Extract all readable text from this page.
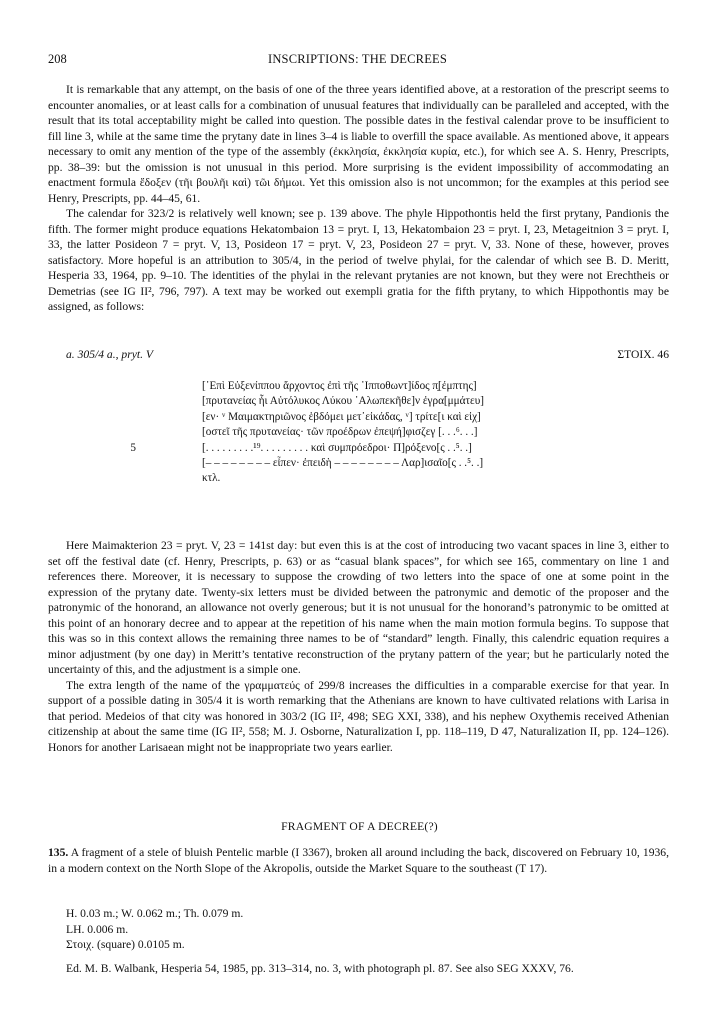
208	INSCRIPTIONS: THE DECREES

It is remarkable that any attempt, on the basis of one of the three years identified above, at a restoration of the prescript seems to encounter anomalies, or at least calls for a combination of unusual features that individually can be paralleled and accepted, with the result that its total acceptability might be called into question. The possible dates in the festival calendar prove to be insufficient to fill line 3, while at the same time the prytany date in lines 3–4 is liable to overfill the space available. As mentioned above, it appears necessary to omit any mention of the type of the assembly (ἐκκλησία, ἐκκλησία κυρία, etc.), for which see A. S. Henry, Prescripts, pp. 38–39: but the omission is not unusual in this period. More surprising is the evident impossibility of accommodating an enactment formula ἔδοξεν (τῆι βουλῆι καὶ) τῶι δήμωι. Yet this omission also is not uncommon; for the examples at this period see Henry, Prescripts, pp. 44–45, 61.

The calendar for 323/2 is relatively well known; see p. 139 above. The phyle Hippothontis held the first prytany, Pandionis the fifth. The former might produce equations Hekatombaion 13 = pryt. I, 13, Hekatombaion 23 = pryt. I, 23, Metageitnion 3 = pryt. I, 33, the latter Posideon 7 = pryt. V, 13, Posideon 17 = pryt. V, 23, Posideon 27 = pryt. V, 33. None of these, however, proves satisfactory. More hopeful is an attribution to 305/4, in the period of twelve phylai, for the calendar of which see B. D. Meritt, Hesperia 33, 1964, pp. 9–10. The identities of the phylai in the relevant prytanies are not known, but they were not Erechtheis or Demetrias (see IG II², 796, 797). A text may be worked out exempli gratia for the fifth prytany, to which Hippothontis may be assigned, as follows:

a. 305/4 a., pryt. V	ΣΤΟΙΧ. 46
[᾿Επὶ Εὐξενίππου ἄρχοντος ἐπὶ τῆς ῾Ιπποθωντ]ίδος π̣[έμπτης]
[πρυτανείας ἧι Αὐτόλυκος Λύκου ᾿Αλωπεκῆθε]ν ἐγρα[μμάτευ]
[εν· ᵛ Μαιμακτηριῶνος ἑβδόμει μετ᾿εἰκάδας, ᵛ] τρίτε[ι καὶ εἰχ]
[οστεῖ τῆς πρυτανείας· τῶν προέδρων ἐπεψή]φισζεγ [. . .⁶. . .]
5	[. . . . . . . . .¹⁹. . . . . . . . . καὶ συμπρόεδροι· Π]ρόξενο[ς . .⁵. .]
[– – – – – – – – εἶπεν· ἐπειδὴ – – – – – – – – Λαρ]ισαῖο[ς . .⁵. .]
κτλ.

Here Maimakterion 23 = pryt. V, 23 = 141st day: but even this is at the cost of introducing two vacant spaces in line 3, either to set off the festival date (cf. Henry, Prescripts, p. 63) or as “casual blank spaces”, for which see 165, commentary on line 1 and references there. Moreover, it is necessary to suppose the crowding of two letters into the space of one at some point in the expression of the prytany date. Twenty-six letters must be divided between the patronymic and demotic of the proposer and the patronymic of the honorand, an allowance not overly generous; but it is not unusual for the honorand’s patronymic to be omitted at this point of an honorary decree and to appear at the repetition of his name when the main motion formula begins. To suppose that this was so in this context allows the remaining three names to be of “standard” length. Finally, this calendric equation requires a minor adjustment (by one day) in Meritt’s tentative reconstruction of the prytany pattern of the year; but he particularly noted the uncertainty of this, and the adjustment is a simple one.

The extra length of the name of the γραμματεύς of 299/8 increases the difficulties in a comparable exercise for that year. In support of a possible dating in 305/4 it is worth remarking that the Athenians are known to have cultivated relations with Larisa in that period. Medeios of that city was honored in 303/2 (IG II², 498; SEG XXI, 338), and his nephew Oxythemis received Athenian citizenship at about the same time (IG II², 558; M. J. Osborne, Naturalization I, pp. 118–119, D 47, Naturalization II, pp. 124–126). Honors for another Larisaean might not be inappropriate two years earlier.

FRAGMENT OF A DECREE(?)
135. A fragment of a stele of bluish Pentelic marble (I 3367), broken all around including the back, discovered on February 10, 1936, in a modern context on the North Slope of the Akropolis, outside the Market Square to the southeast (T 17).
H. 0.03 m.; W. 0.062 m.; Th. 0.079 m.
LH. 0.006 m.
Στοιχ. (square) 0.0105 m.
Ed. M. B. Walbank, Hesperia 54, 1985, pp. 313–314, no. 3, with photograph pl. 87. See also SEG XXXV, 76.
